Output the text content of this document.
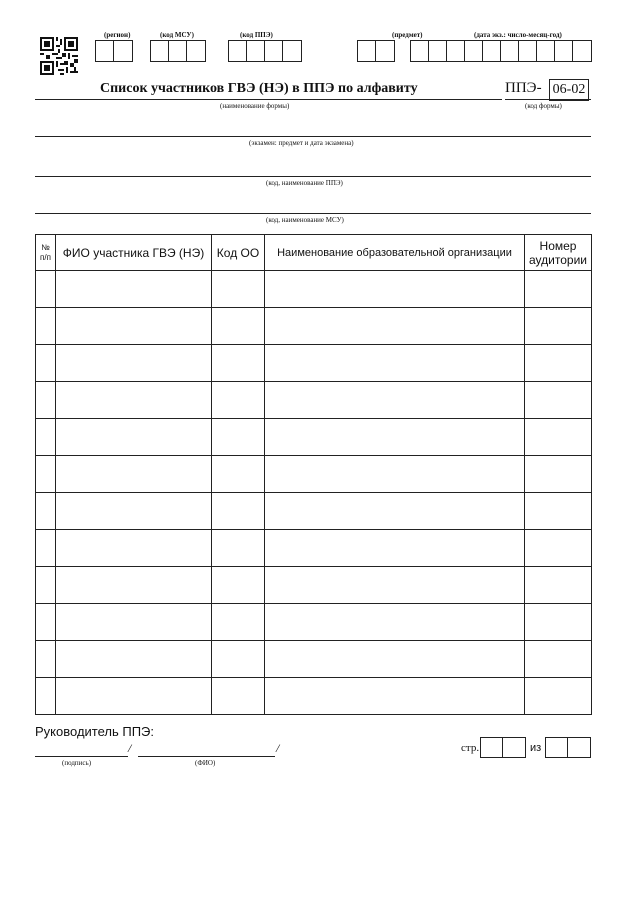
(регион)	(код МСУ)	(код ППЭ)	(предмет)	(дата экз.: число-месяц-год)
Список участников ГВЭ (НЭ) в ППЭ по алфавиту
(наименование формы)
ППЭ- 06-02
(код формы)
(экзамен: предмет и дата экзамена)
(код, наименование ППЭ)
(код, наименование МСУ)
№
п/п	ФИО участника ГВЭ (НЭ)	Код ОО	Наименование образовательной организации	Номер аудитории

Руководитель ППЭ:
/	/
(подпись)	(ФИО)
стр.	из
